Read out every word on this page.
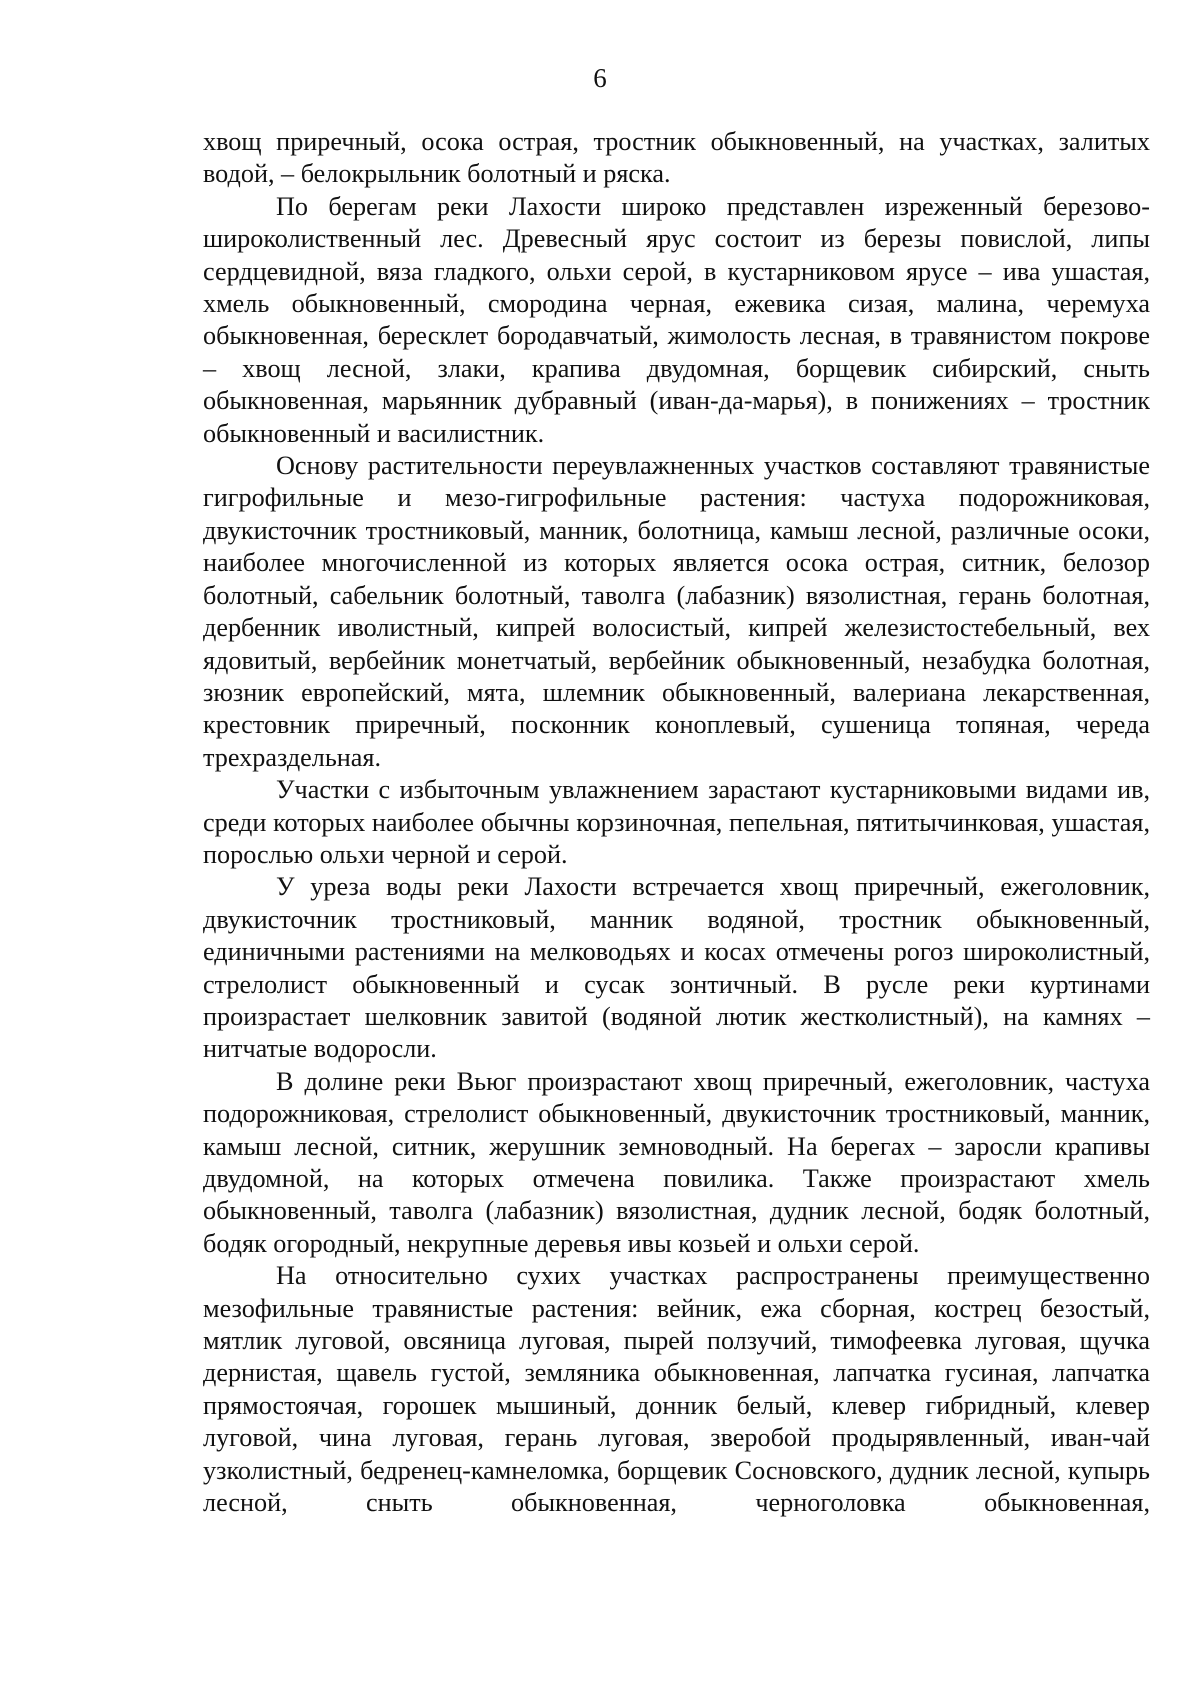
6

хвощ приречный, осока острая, тростник обыкновенный, на участках, залитых водой, – белокрыльник болотный и ряска.

По берегам реки Лахости широко представлен изреженный березово-широколиственный лес. Древесный ярус состоит из березы повислой, липы сердцевидной, вяза гладкого, ольхи серой, в кустарниковом ярусе – ива ушастая, хмель обыкновенный, смородина черная, ежевика сизая, малина, черемуха обыкновенная, бересклет бородавчатый, жимолость лесная, в травянистом покрове – хвощ лесной, злаки, крапива двудомная, борщевик сибирский, сныть обыкновенная, марьянник дубравный (иван-да-марья), в понижениях – тростник обыкновенный и василистник.

Основу растительности переувлажненных участков составляют травянистые гигрофильные и мезо-гигрофильные растения: частуха подорожниковая, двукисточник тростниковый, манник, болотница, камыш лесной, различные осоки, наиболее многочисленной из которых является осока острая, ситник, белозор болотный, сабельник болотный, таволга (лабазник) вязолистная, герань болотная, дербенник иволистный, кипрей волосистый, кипрей железистостебельный, вех ядовитый, вербейник монетчатый, вербейник обыкновенный, незабудка болотная, зюзник европейский, мята, шлемник обыкновенный, валериана лекарственная, крестовник приречный, посконник коноплевый, сушеница топяная, череда трехраздельная.

Участки с избыточным увлажнением зарастают кустарниковыми видами ив, среди которых наиболее обычны корзиночная, пепельная, пятитычинковая, ушастая, порослью ольхи черной и серой.

У уреза воды реки Лахости встречается хвощ приречный, ежеголовник, двукисточник тростниковый, манник водяной, тростник обыкновенный, единичными растениями на мелководьях и косах отмечены рогоз широколистный, стрелолист обыкновенный и сусак зонтичный. В русле реки куртинами произрастает шелковник завитой (водяной лютик жестколистный), на камнях – нитчатые водоросли.

В долине реки Вьюг произрастают хвощ приречный, ежеголовник, частуха подорожниковая, стрелолист обыкновенный, двукисточник тростниковый, манник, камыш лесной, ситник, жерушник земноводный. На берегах – заросли крапивы двудомной, на которых отмечена повилика. Также произрастают хмель обыкновенный, таволга (лабазник) вязолистная, дудник лесной, бодяк болотный, бодяк огородный, некрупные деревья ивы козьей и ольхи серой.

На относительно сухих участках распространены преимущественно мезофильные травянистые растения: вейник, ежа сборная, кострец безостый, мятлик луговой, овсяница луговая, пырей ползучий, тимофеевка луговая, щучка дернистая, щавель густой, земляника обыкновенная, лапчатка гусиная, лапчатка прямостоячая, горошек мышиный, донник белый, клевер гибридный, клевер луговой, чина луговая, герань луговая, зверобой продырявленный, иван-чай узколистный, бедренец-камнеломка, борщевик Сосновского, дудник лесной, купырь лесной, сныть обыкновенная, черноголовка обыкновенная,
